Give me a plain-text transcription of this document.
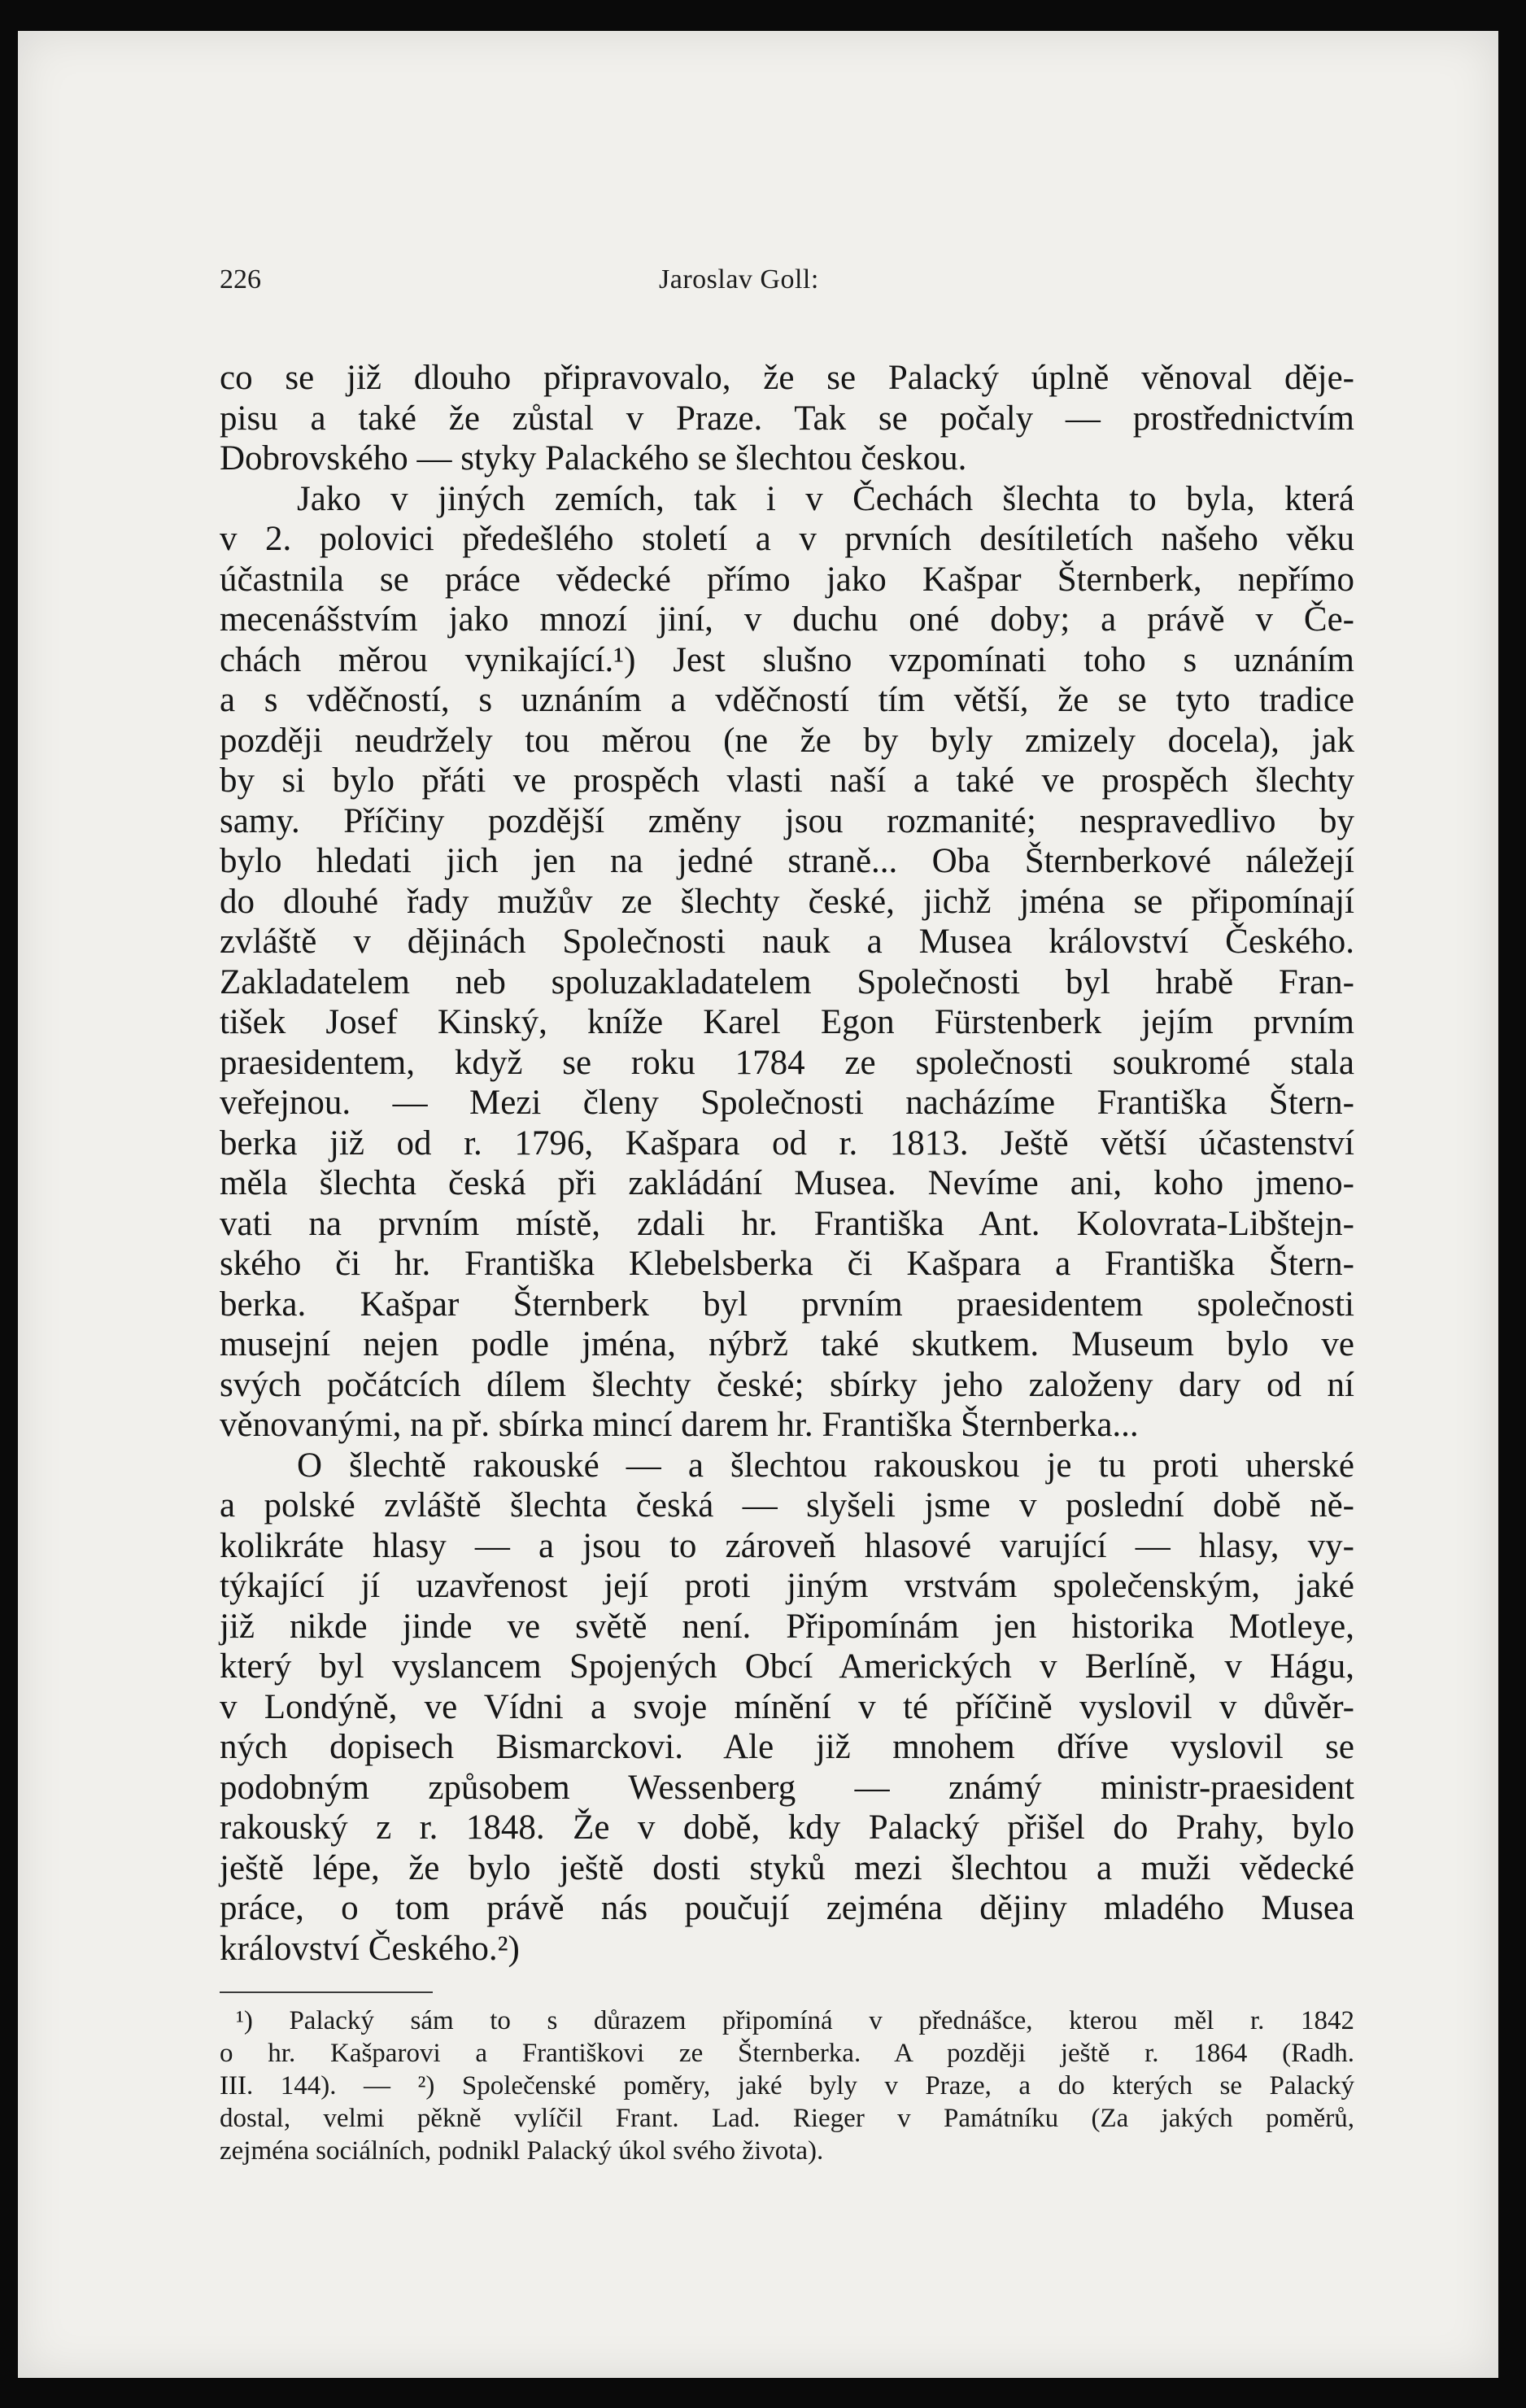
226	Jaroslav Goll:
co se již dlouho připravovalo, že se Palacký úplně věnoval děje-
pisu a také že zůstal v Praze. Tak se počaly — prostřednictvím
Dobrovského — styky Palackého se šlechtou českou.
Jako v jiných zemích, tak i v Čechách šlechta to byla, která
v 2. polovici předešlého století a v prvních desítiletích našeho věku
účastnila se práce vědecké přímo jako Kašpar Šternberk, nepřímo
mecenášstvím jako mnozí jiní, v duchu oné doby; a právě v Če-
chách měrou vynikající.¹) Jest slušno vzpomínati toho s uznáním
a s vděčností, s uznáním a vděčností tím větší, že se tyto tradice
později neudržely tou měrou (ne že by byly zmizely docela), jak
by si bylo přáti ve prospěch vlasti naší a také ve prospěch šlechty
samy. Příčiny pozdější změny jsou rozmanité; nespravedlivo by
bylo hledati jich jen na jedné straně... Oba Šternberkové náležejí
do dlouhé řady mužův ze šlechty české, jichž jména se připomínají
zvláště v dějinách Společnosti nauk a Musea království Českého.
Zakladatelem neb spoluzakladatelem Společnosti byl hrabě Fran-
tišek Josef Kinský, kníže Karel Egon Fürstenberk jejím prvním
praesidentem, když se roku 1784 ze společnosti soukromé stala
veřejnou. — Mezi členy Společnosti nacházíme Františka Štern-
berka již od r. 1796, Kašpara od r. 1813. Ještě větší účastenství
měla šlechta česká při zakládání Musea. Nevíme ani, koho jmeno-
vati na prvním místě, zdali hr. Františka Ant. Kolovrata-Libštejn-
ského či hr. Františka Klebelsberka či Kašpara a Františka Štern-
berka. Kašpar Šternberk byl prvním praesidentem společnosti
musejní nejen podle jména, nýbrž také skutkem. Museum bylo ve
svých počátcích dílem šlechty české; sbírky jeho založeny dary od ní
věnovanými, na př. sbírka mincí darem hr. Františka Šternberka...
O šlechtě rakouské — a šlechtou rakouskou je tu proti uherské
a polské zvláště šlechta česká — slyšeli jsme v poslední době ně-
kolikráte hlasy — a jsou to zároveň hlasové varující — hlasy, vy-
týkající jí uzavřenost její proti jiným vrstvám společenským, jaké
již nikde jinde ve světě není. Připomínám jen historika Motleye,
který byl vyslancem Spojených Obcí Amerických v Berlíně, v Hágu,
v Londýně, ve Vídni a svoje mínění v té příčině vyslovil v důvěr-
ných dopisech Bismarckovi. Ale již mnohem dříve vyslovil se
podobným způsobem Wessenberg — známý ministr-praesident
rakouský z r. 1848. Že v době, kdy Palacký přišel do Prahy, bylo
ještě lépe, že bylo ještě dosti styků mezi šlechtou a muži vědecké
práce, o tom právě nás poučují zejména dějiny mladého Musea
království Českého.²)
¹) Palacký sám to s důrazem připomíná v přednášce, kterou měl r. 1842
o hr. Kašparovi a Františkovi ze Šternberka. A později ještě r. 1864 (Radh.
III. 144). — ²) Společenské poměry, jaké byly v Praze, a do kterých se Palacký
dostal, velmi pěkně vylíčil Frant. Lad. Rieger v Památníku (Za jakých poměrů,
zejména sociálních, podnikl Palacký úkol svého života).
